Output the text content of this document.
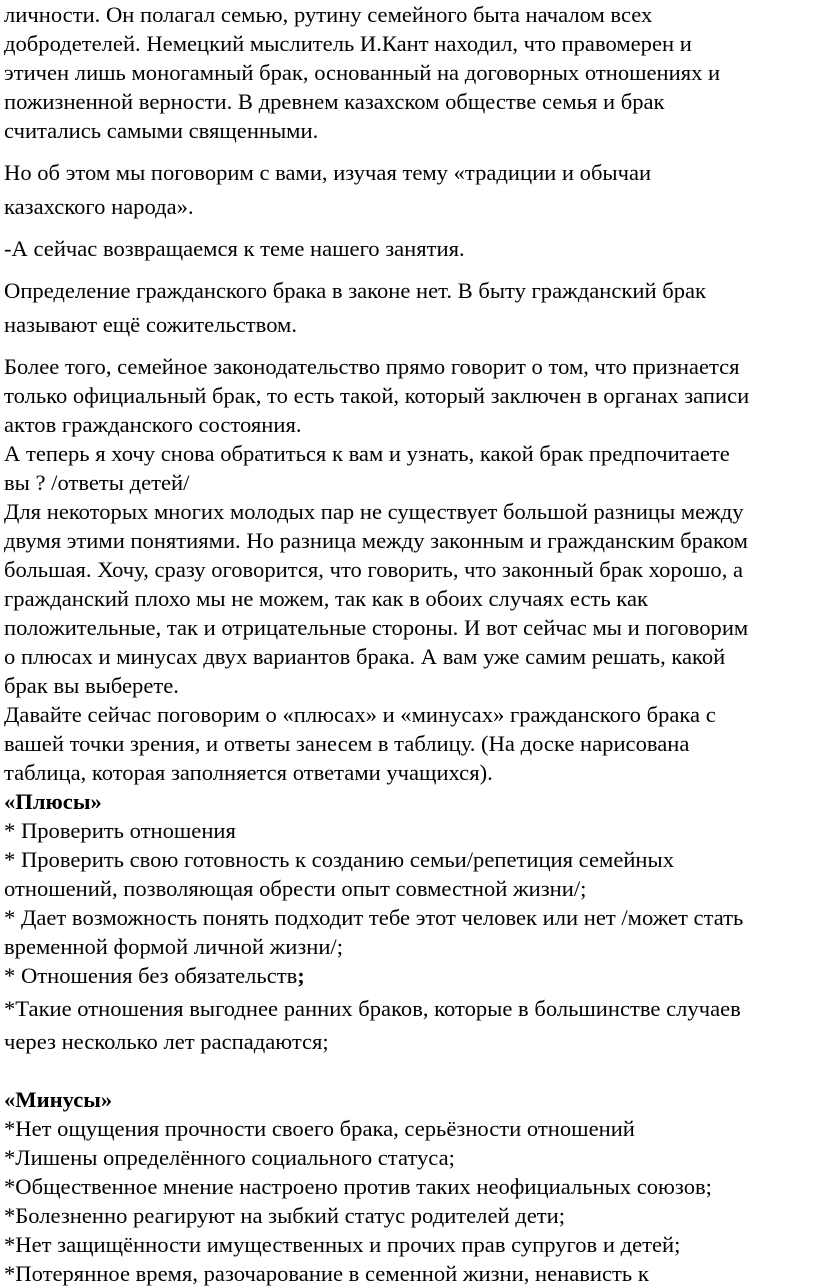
личности. Он полагал семью, рутину семейного быта началом всех

добродетелей. Немецкий мыслитель И.Кант находил, что правомерен и

этичен лишь моногамный брак, основанный на договорных отношениях и

пожизненной верности. В древнем казахском обществе семья и брак

считались самыми священными.

Но об этом мы поговорим с вами, изучая тему «традиции и обычаи

казахского народа».

-А сейчас возвращаемся к теме нашего занятия.

Определение гражданского брака в законе нет. В быту гражданский брак

называют ещё сожительством.

Более того, семейное законодательство прямо говорит о том, что признается

только официальный брак, то есть такой, который заключен в органах записи

актов гражданского состояния.

А теперь я хочу снова обратиться к вам и узнать, какой брак предпочитаете

вы ? /ответы детей/

Для некоторых многих молодых пар не существует большой разницы между

двумя этими понятиями. Но разница между законным и гражданским браком

большая. Хочу, сразу оговорится, что говорить, что законный брак хорошо, а

гражданский плохо мы не можем, так как в обоих случаях есть как

положительные, так и отрицательные стороны. И вот сейчас мы и поговорим

о плюсах и минусах двух вариантов брака. А вам уже самим решать, какой

брак вы выберете.

Давайте сейчас поговорим о «плюсах» и «минусах» гражданского брака с

вашей точки зрения, и ответы занесем в таблицу. (На доске нарисована

таблица, которая заполняется ответами учащихся).

«Плюсы»

* Проверить отношения

* Проверить свою готовность к созданию семьи/репетиция семейных

отношений, позволяющая обрести опыт совместной жизни/;

* Дает возможность понять подходит тебе этот человек или нет /может стать

временной формой личной жизни/;

* Отношения без обязательств;

*Такие отношения выгоднее ранних браков, которые в большинстве случаев

через несколько лет распадаются;

«Минусы»

*Нет ощущения прочности своего брака, серьёзности отношений

*Лишены определённого социального статуса;

*Общественное мнение настроено против таких неофициальных союзов;

*Болезненно реагируют на зыбкий статус родителей дети;

*Нет защищённости имущественных и прочих прав супругов и детей;

*Потерянное время, разочарование в семенной жизни, ненависть к
